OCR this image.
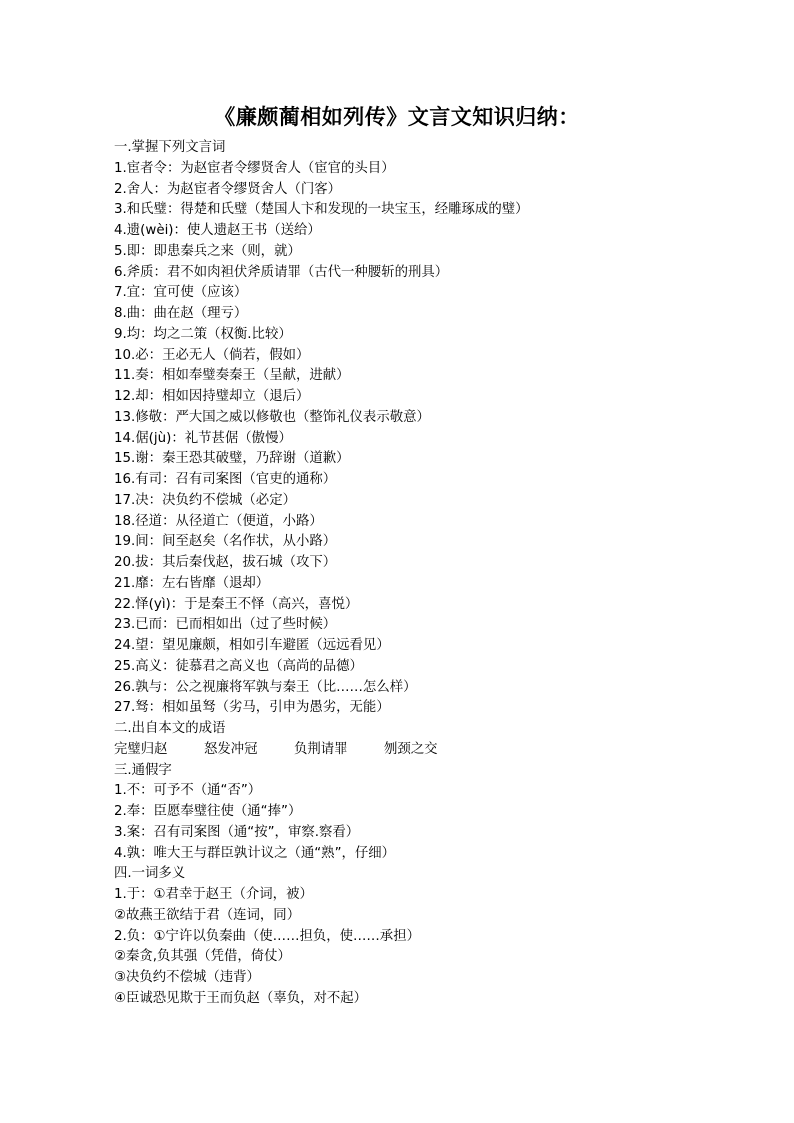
《廉颇蔺相如列传》文言文知识归纳：
一.掌握下列文言词
1.宦者令：为赵宦者令缪贤舍人（宦官的头目）
2.舍人：为赵宦者令缪贤舍人（门客）
3.和氏璧：得楚和氏璧（楚国人卞和发现的一块宝玉，经雕琢成的璧）
4.遗(wèi)：使人遗赵王书（送给）
5.即：即患秦兵之来（则，就）
6.斧质：君不如肉袒伏斧质请罪（古代一种腰斩的刑具）
7.宜：宜可使（应该）
8.曲：曲在赵（理亏）
9.均：均之二策（权衡.比较）
10.必：王必无人（倘若，假如）
11.奏：相如奉璧奏秦王（呈献，进献）
12.却：相如因持璧却立（退后）
13.修敬：严大国之威以修敬也（整饰礼仪表示敬意）
14.倨(jù)：礼节甚倨（傲慢）
15.谢：秦王恐其破璧，乃辞谢（道歉）
16.有司：召有司案图（官吏的通称）
17.决：决负约不偿城（必定）
18.径道：从径道亡（便道，小路）
19.间：间至赵矣（名作状，从小路）
20.拔：其后秦伐赵，拔石城（攻下）
21.靡：左右皆靡（退却）
22.怿(yì)：于是秦王不怿（高兴，喜悦）
23.已而：已而相如出（过了些时候）
24.望：望见廉颇，相如引车避匿（远远看见）
25.高义：徒慕君之高义也（高尚的品德）
26.孰与：公之视廉将军孰与秦王（比……怎么样）
27.驽：相如虽驽（劣马，引申为愚劣，无能）
二.出自本文的成语
完璧归赵	怒发冲冠	负荆请罪	刎颈之交
三.通假字
1.不：可予不（通“否”）
2.奉：臣愿奉璧往使（通“捧”）
3.案：召有司案图（通“按”，审察.察看）
4.孰：唯大王与群臣孰计议之（通“熟”，仔细）
四.一词多义
1.于：①君幸于赵王（介词，被）
②故燕王欲结于君（连词，同）
2.负：①宁许以负秦曲（使……担负，使……承担）
②秦贪,负其强（凭借，倚仗）
③决负约不偿城（违背）
④臣诚恐见欺于王而负赵（辜负，对不起）
